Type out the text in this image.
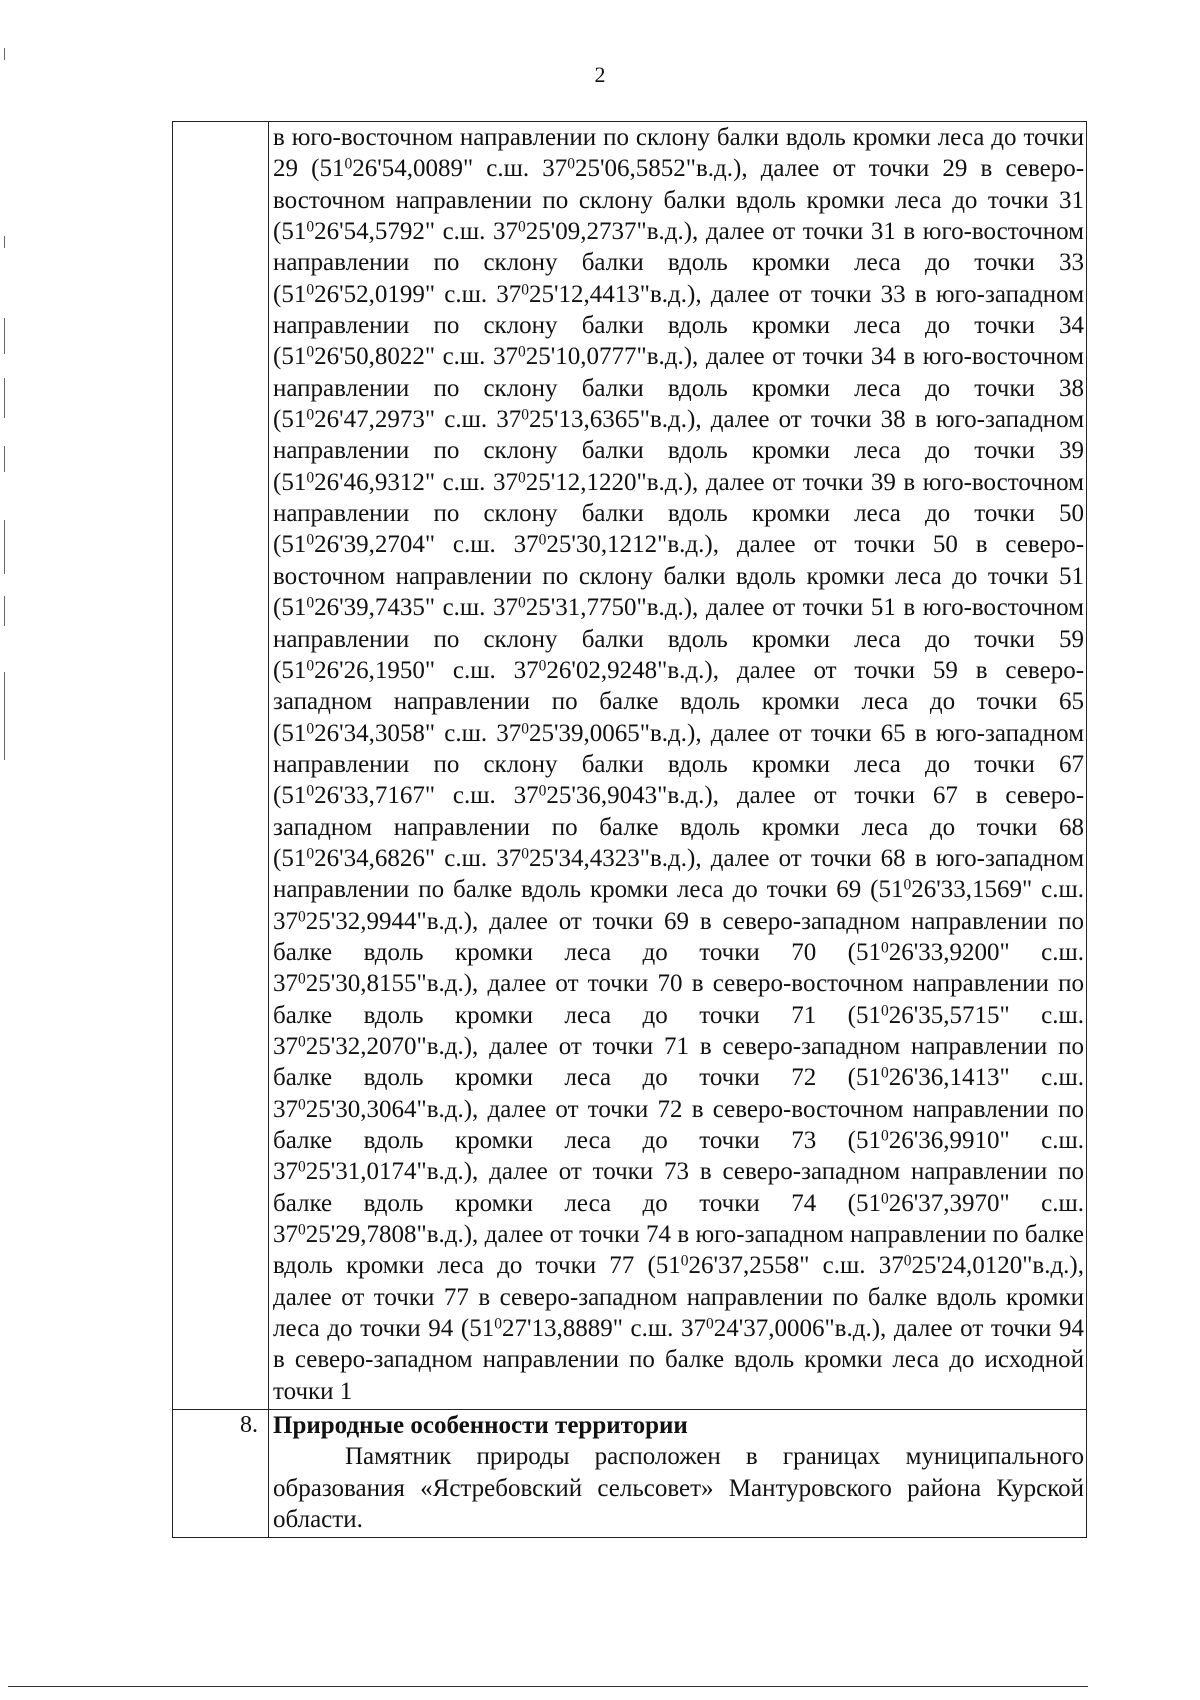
2

	в юго-восточном направлении по склону балки вдоль кромки леса до точки 29 ($51^026'54,0089$" с.ш. $37^025'06,5852"в.д$.), далее от точки 29 в северо-восточном направлении по склону балки вдоль кромки леса до точки 31 ($51^026'54,5792$" с.ш. $37^025'09,2737"в.д$.), далее от точки 31 в юго-восточном направлении по склону балки вдоль кромки леса до точки 33 ($51^026'52,0199$" с.ш. $37^025'12,4413"в.д$.), далее от точки 33 в юго-западном направлении по склону балки вдоль кромки леса до точки 34 ($51^026'50,8022$" с.ш. $37^025'10,0777"в.д$.), далее от точки 34 в юго-восточном направлении по склону балки вдоль кромки леса до точки 38 ($51^026'47,2973$" с.ш. $37^025'13,6365"в.д$.), далее от точки 38 в юго-западном направлении по склону балки вдоль кромки леса до точки 39 ($51^026'46,9312$" с.ш. $37^025'12,1220"в.д$.), далее от точки 39 в юго-восточном направлении по склону балки вдоль кромки леса до точки 50 ($51^026'39,2704$" с.ш. $37^025'30,1212"в.д$.), далее от точки 50 в северо-восточном направлении по склону балки вдоль кромки леса до точки 51 ($51^026'39,7435$" с.ш. $37^025'31,7750"в.д$.), далее от точки 51 в юго-восточном направлении по склону балки вдоль кромки леса до точки 59 ($51^026'26,1950$" с.ш. $37^026'02,9248"в.д$.), далее от точки 59 в северо-западном направлении по балке вдоль кромки леса до точки 65 ($51^026'34,3058$" с.ш. $37^025'39,0065"в.д$.), далее от точки 65 в юго-западном направлении по склону балки вдоль кромки леса до точки 67 ($51^026'33,7167$" с.ш. $37^025'36,9043"в.д$.), далее от точки 67 в северо-западном направлении по балке вдоль кромки леса до точки 68 ($51^026'34,6826$" с.ш. $37^025'34,4323"в.д$.), далее от точки 68 в юго-западном направлении по балке вдоль кромки леса до точки 69 ($51^026'33,1569$" с.ш. $37^025'32,9944"в.д$.), далее от точки 69 в северо-западном направлении по балке вдоль кромки леса до точки 70 ($51^026'33,9200$" с.ш. $37^025'30,8155"в.д$.), далее от точки 70 в северо-восточном направлении по балке вдоль кромки леса до точки 71 ($51^026'35,5715$" с.ш. $37^025'32,2070"в.д$.), далее от точки 71 в северо-западном направлении по балке вдоль кромки леса до точки 72 ($51^026'36,1413$" с.ш. $37^025'30,3064"в.д$.), далее от точки 72 в северо-восточном направлении по балке вдоль кромки леса до точки 73 ($51^026'36,9910$" с.ш. $37^025'31,0174"в.д$.), далее от точки 73 в северо-западном направлении по балке вдоль кромки леса до точки 74 ($51^026'37,3970$" с.ш. $37^025'29,7808"в.д$.), далее от точки 74 в юго-западном направлении по балке вдоль кромки леса до точки 77 ($51^026'37,2558$" с.ш. $37^025'24,0120"в.д$.), далее от точки 77 в северо-западном направлении по балке вдоль кромки леса до точки 94 ($51^027'13,8889$" с.ш. $37^024'37,0006"в.д$.), далее от точки 94 в северо-западном направлении по балке вдоль кромки леса до исходной точки 1

8.	Природные особенности территории
Памятник природы расположен в границах муниципального образования «Ястребовский сельсовет» Мантуровского района Курской области.
